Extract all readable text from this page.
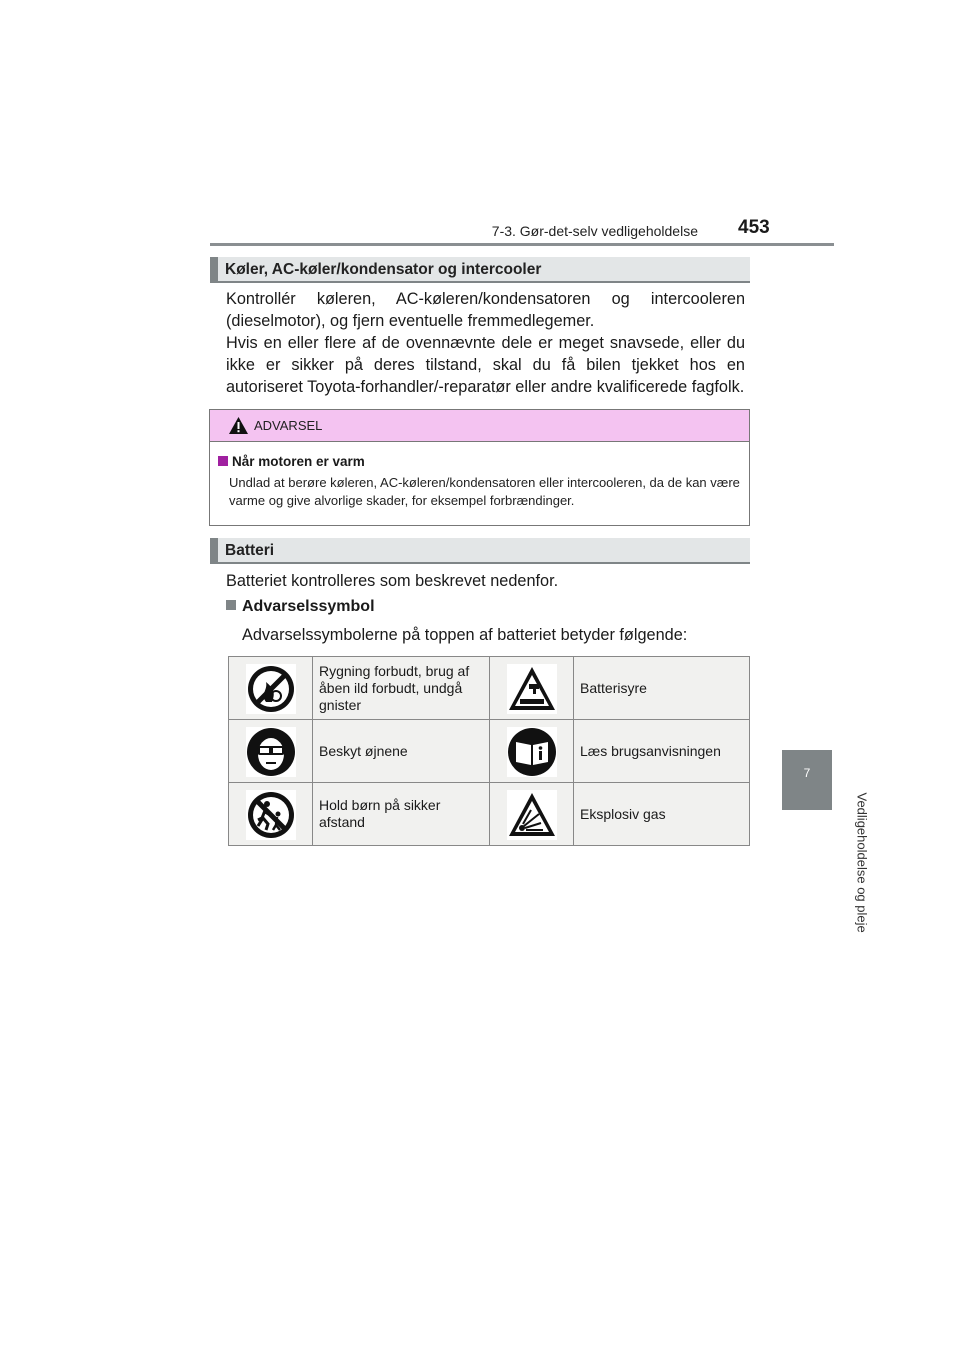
7-3. Gør-det-selv vedligeholdelse 453
7
Vedligeholdelse og pleje
Køler, AC-køler/kondensator og intercooler
Kontrollér køleren, AC-køleren/kondensatoren og intercooleren (dieselmotor), og fjern eventuelle fremmedlegemer.
Hvis en eller flere af de ovennævnte dele er meget snavsede, eller du ikke er sikker på deres tilstand, skal du få bilen tjekket hos en autoriseret Toyota-forhandler/-reparatør eller andre kvalificerede fagfolk.
ADVARSEL
Når motoren er varm
Undlad at berøre køleren, AC-køleren/kondensatoren eller intercooleren, da de kan være varme og give alvorlige skader, for eksempel forbrændinger.
Batteri
Batteriet kontrolleres som beskrevet nedenfor.
Advarselssymbol
Advarselssymbolerne på toppen af batteriet betyder følgende:
	Rygning forbudt, brug af åben ild forbudt, undgå gnister		Batterisyre
	Beskyt øjnene		Læs brugsanvisningen
	Hold børn på sikker afstand		Eksplosiv gas
